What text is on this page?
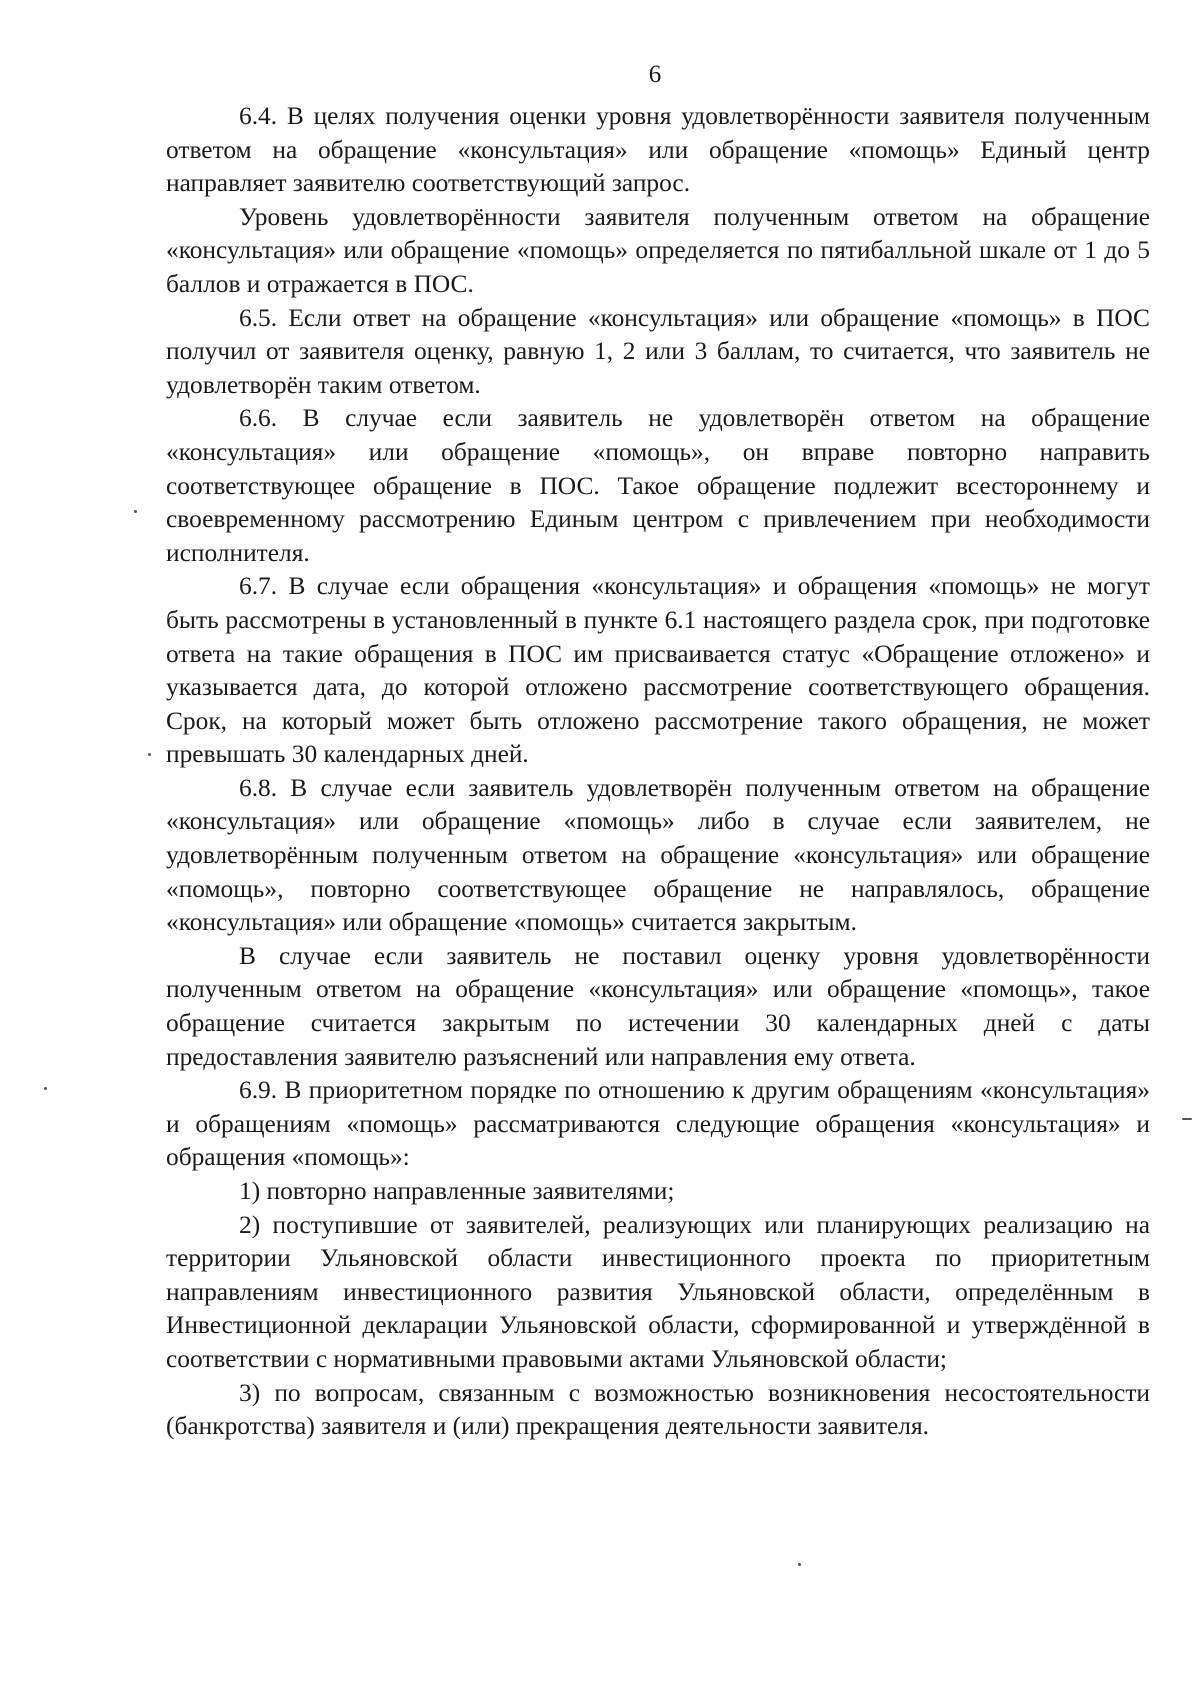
6

6.4. В целях получения оценки уровня удовлетворённости заявителя полученным ответом на обращение «консультация» или обращение «помощь» Единый центр направляет заявителю соответствующий запрос.

Уровень удовлетворённости заявителя полученным ответом на обращение «консультация» или обращение «помощь» определяется по пятибалльной шкале от 1 до 5 баллов и отражается в ПОС.

6.5. Если ответ на обращение «консультация» или обращение «помощь» в ПОС получил от заявителя оценку, равную 1, 2 или 3 баллам, то считается, что заявитель не удовлетворён таким ответом.

6.6. В случае если заявитель не удовлетворён ответом на обращение «консультация» или обращение «помощь», он вправе повторно направить соответствующее обращение в ПОС. Такое обращение подлежит всестороннему и своевременному рассмотрению Единым центром с привлечением при необходимости исполнителя.

6.7. В случае если обращения «консультация» и обращения «помощь» не могут быть рассмотрены в установленный в пункте 6.1 настоящего раздела срок, при подготовке ответа на такие обращения в ПОС им присваивается статус «Обращение отложено» и указывается дата, до которой отложено рассмотрение соответствующего обращения. Срок, на который может быть отложено рассмотрение такого обращения, не может превышать 30 календарных дней.

6.8. В случае если заявитель удовлетворён полученным ответом на обращение «консультация» или обращение «помощь» либо в случае если заявителем, не удовлетворённым полученным ответом на обращение «консультация» или обращение «помощь», повторно соответствующее обращение не направлялось, обращение «консультация» или обращение «помощь» считается закрытым.

В случае если заявитель не поставил оценку уровня удовлетворённости полученным ответом на обращение «консультация» или обращение «помощь», такое обращение считается закрытым по истечении 30 календарных дней с даты предоставления заявителю разъяснений или направления ему ответа.

6.9. В приоритетном порядке по отношению к другим обращениям «консультация» и обращениям «помощь» рассматриваются следующие обращения «консультация» и обращения «помощь»:

1) повторно направленные заявителями;

2) поступившие от заявителей, реализующих или планирующих реализацию на территории Ульяновской области инвестиционного проекта по приоритетным направлениям инвестиционного развития Ульяновской области, определённым в Инвестиционной декларации Ульяновской области, сформированной и утверждённой в соответствии с нормативными правовыми актами Ульяновской области;

3) по вопросам, связанным с возможностью возникновения несостоятельности (банкротства) заявителя и (или) прекращения деятельности заявителя.
